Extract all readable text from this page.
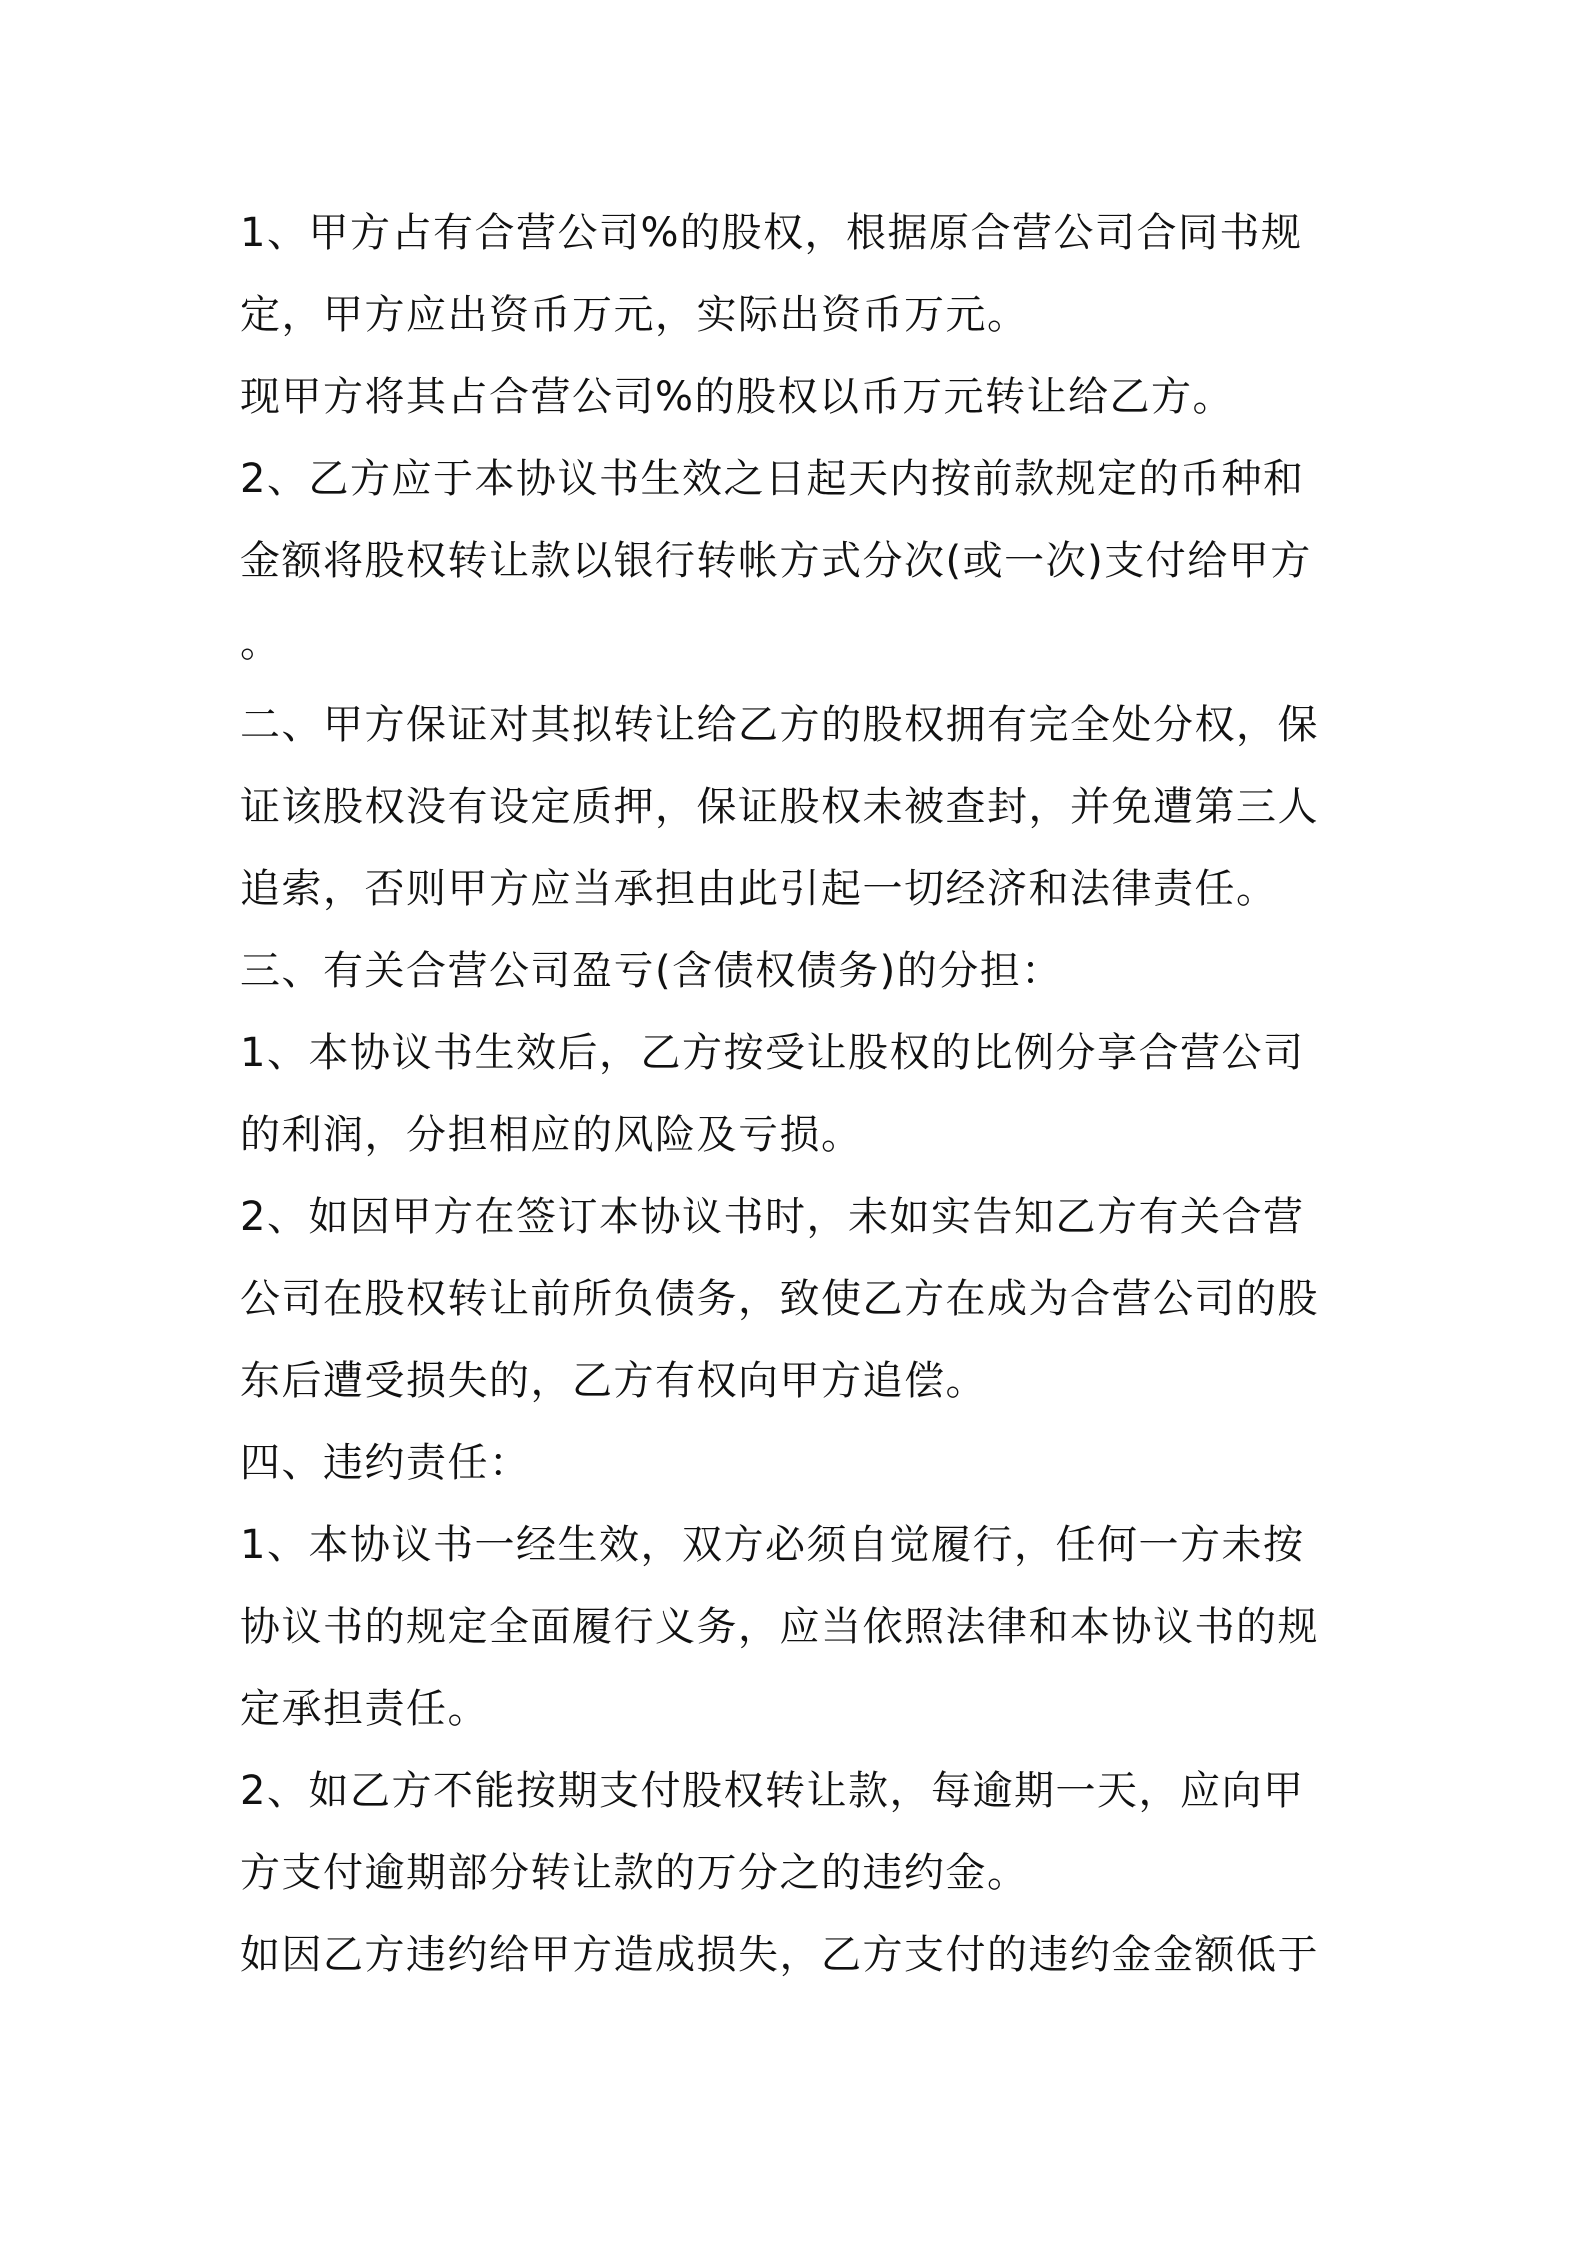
1、甲方占有合营公司%的股权，根据原合营公司合同书规
定，甲方应出资币万元，实际出资币万元。

现甲方将其占合营公司%的股权以币万元转让给乙方。

2、乙方应于本协议书生效之日起天内按前款规定的币种和
金额将股权转让款以银行转帐方式分次(或一次)支付给甲方
。

二、甲方保证对其拟转让给乙方的股权拥有完全处分权，保
证该股权没有设定质押，保证股权未被查封，并免遭第三人
追索，否则甲方应当承担由此引起一切经济和法律责任。

三、有关合营公司盈亏(含债权债务)的分担：

1、本协议书生效后，乙方按受让股权的比例分享合营公司
的利润，分担相应的风险及亏损。

2、如因甲方在签订本协议书时，未如实告知乙方有关合营
公司在股权转让前所负债务，致使乙方在成为合营公司的股
东后遭受损失的，乙方有权向甲方追偿。

四、违约责任：

1、本协议书一经生效，双方必须自觉履行，任何一方未按
协议书的规定全面履行义务，应当依照法律和本协议书的规
定承担责任。

2、如乙方不能按期支付股权转让款，每逾期一天，应向甲
方支付逾期部分转让款的万分之的违约金。

如因乙方违约给甲方造成损失，乙方支付的违约金金额低于
